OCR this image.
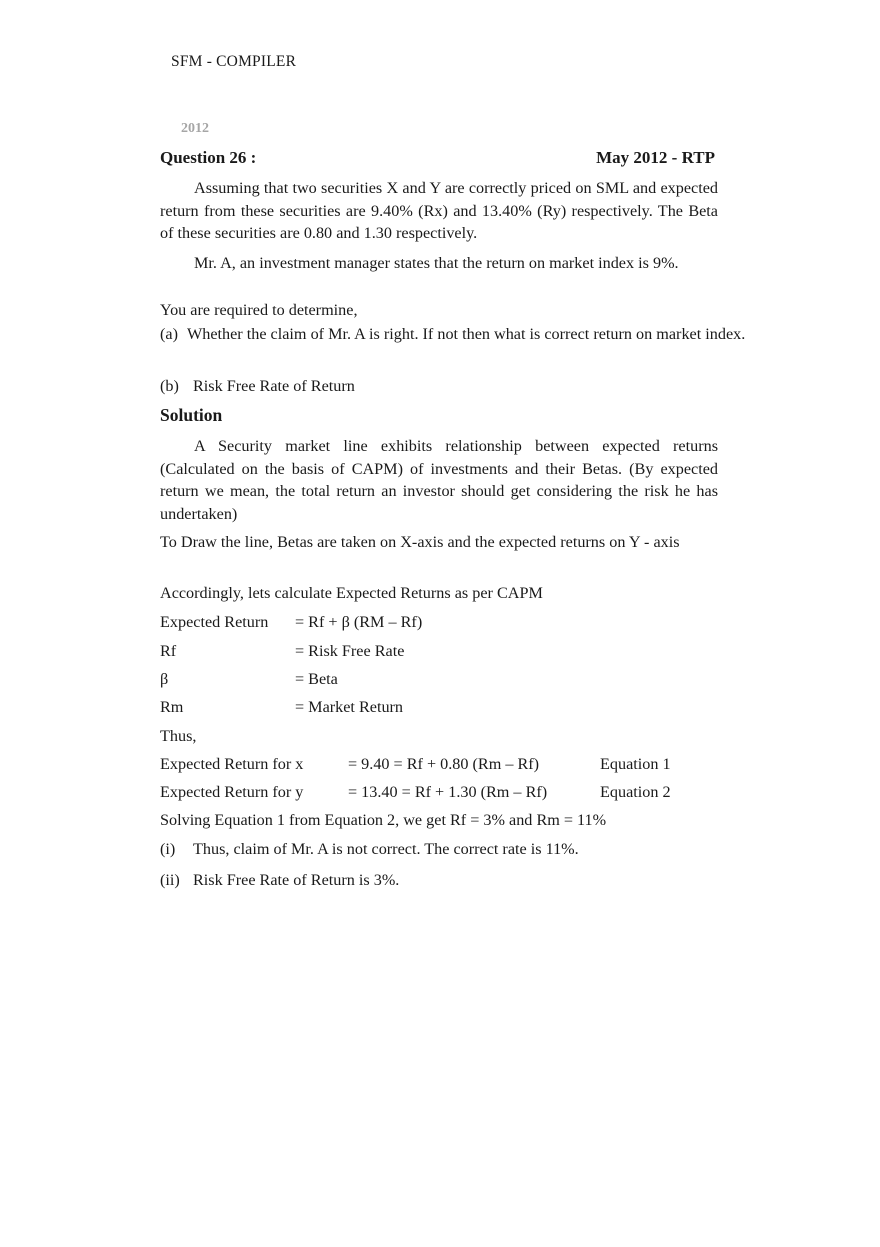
SFM - COMPILER
2012
Question 26 :	May 2012 - RTP
Assuming that two securities X and Y are correctly priced on SML and expected return from these securities are 9.40% (Rx) and 13.40% (Ry) respectively. The Beta of these securities are 0.80 and 1.30 respectively.
Mr. A, an investment manager states that the return on market index is 9%.
You are required to determine,
(a) Whether the claim of Mr. A is right. If not then what is correct return on market index.
(b) Risk Free Rate of Return
Solution
A Security market line exhibits relationship between expected returns (Calculated on the basis of CAPM) of investments and their Betas. (By expected return we mean, the total return an investor should get considering the risk he has undertaken)
To Draw the line, Betas are taken on X-axis and the expected returns on Y - axis
Accordingly, lets calculate Expected Returns as per CAPM
Expected Return = Rf + β (RM – Rf)
Rf	= Risk Free Rate
β	= Beta
Rm	= Market Return
Thus,
Expected Return for x	= 9.40 = Rf + 0.80 (Rm – Rf)	Equation 1
Expected Return for y	= 13.40 = Rf + 1.30 (Rm – Rf)	Equation 2
Solving Equation 1 from Equation 2, we get Rf = 3% and Rm = 11%
(i) Thus, claim of Mr. A is not correct. The correct rate is 11%.
(ii) Risk Free Rate of Return is 3%.
